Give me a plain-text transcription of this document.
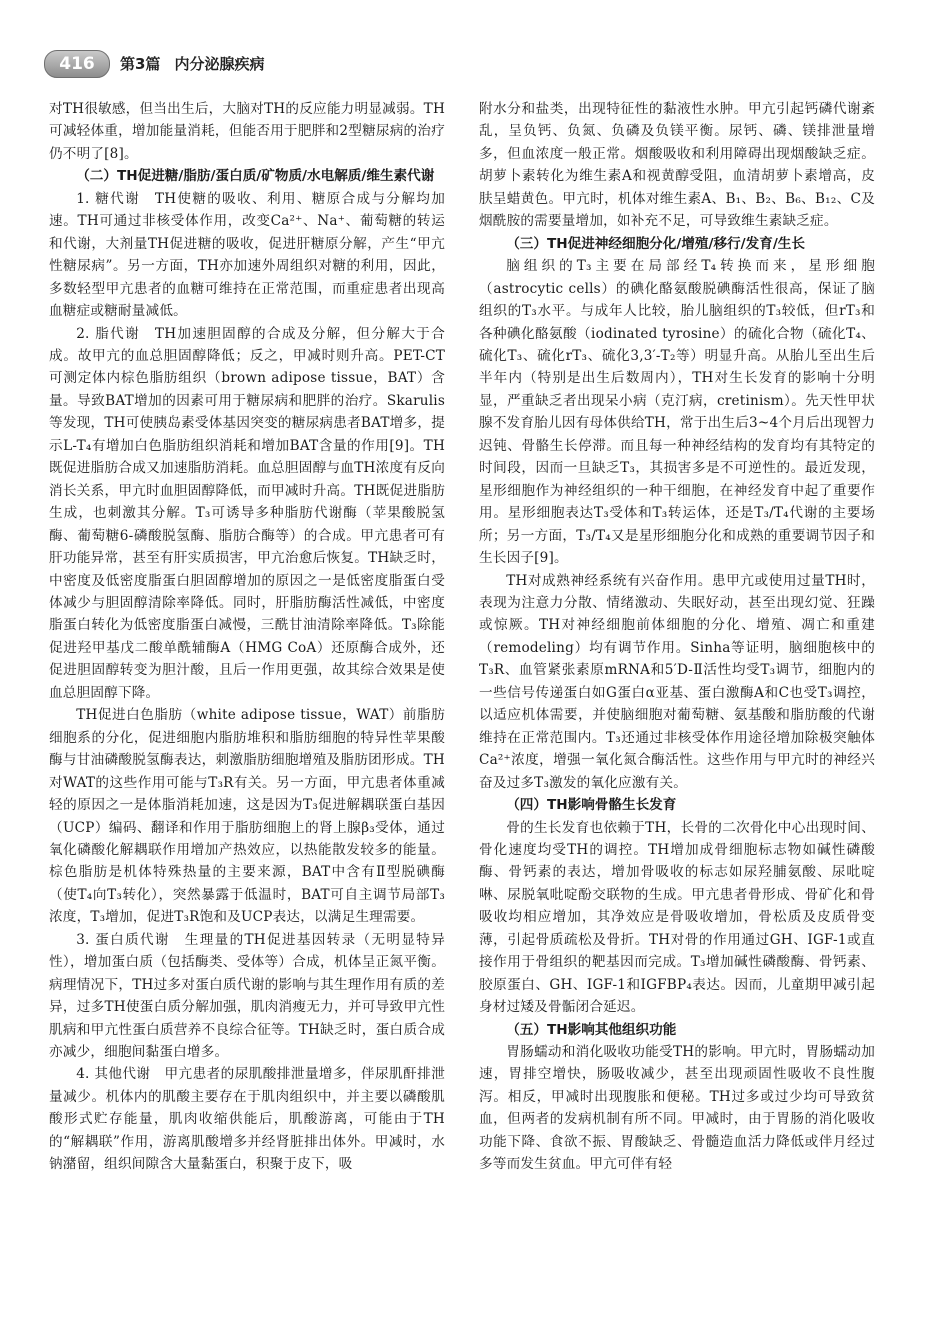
416	第3篇 内分泌腺疾病

对TH很敏感，但当出生后，大脑对TH的反应能力明显减弱。TH可减轻体重，增加能量消耗，但能否用于肥胖和2型糖尿病的治疗仍不明了[8]。

（二）TH促进糖/脂肪/蛋白质/矿物质/水电解质/维生素代谢

1. 糖代谢　TH使糖的吸收、利用、糖原合成与分解均加速。TH可通过非核受体作用，改变Ca²⁺、Na⁺、葡萄糖的转运和代谢，大剂量TH促进糖的吸收，促进肝糖原分解，产生“甲亢性糖尿病”。另一方面，TH亦加速外周组织对糖的利用，因此，多数轻型甲亢患者的血糖可维持在正常范围，而重症患者出现高血糖症或糖耐量减低。

2. 脂代谢　TH加速胆固醇的合成及分解，但分解大于合成。故甲亢的血总胆固醇降低；反之，甲减时则升高。PET-CT可测定体内棕色脂肪组织（brown adipose tissue，BAT）含量。导致BAT增加的因素可用于糖尿病和肥胖的治疗。Skarulis等发现，TH可使胰岛素受体基因突变的糖尿病患者BAT增多，提示L-T₄有增加白色脂肪组织消耗和增加BAT含量的作用[9]。TH既促进脂肪合成又加速脂肪消耗。血总胆固醇与血TH浓度有反向消长关系，甲亢时血胆固醇降低，而甲减时升高。TH既促进脂肪生成，也刺激其分解。T₃可诱导多种脂肪代谢酶（苹果酸脱氢酶、葡萄糖6-磷酸脱氢酶、脂肪合酶等）的合成。甲亢患者可有肝功能异常，甚至有肝实质损害，甲亢治愈后恢复。TH缺乏时，中密度及低密度脂蛋白胆固醇增加的原因之一是低密度脂蛋白受体减少与胆固醇清除率降低。同时，肝脂肪酶活性减低，中密度脂蛋白转化为低密度脂蛋白减慢，三酰甘油清除率降低。T₃除能促进羟甲基戊二酸单酰辅酶A（HMG CoA）还原酶合成外，还促进胆固醇转变为胆汁酸，且后一作用更强，故其综合效果是使血总胆固醇下降。

TH促进白色脂肪（white adipose tissue，WAT）前脂肪细胞系的分化，促进细胞内脂肪堆积和脂肪细胞的特异性苹果酸酶与甘油磷酸脱氢酶表达，刺激脂肪细胞增殖及脂肪团形成。TH对WAT的这些作用可能与T₃R有关。另一方面，甲亢患者体重减轻的原因之一是体脂消耗加速，这是因为T₃促进解耦联蛋白基因（UCP）编码、翻译和作用于脂肪细胞上的肾上腺β₃受体，通过氧化磷酸化解耦联作用增加产热效应，以热能散发较多的能量。棕色脂肪是机体特殊热量的主要来源，BAT中含有Ⅱ型脱碘酶（使T₄向T₃转化），突然暴露于低温时，BAT可自主调节局部T₃浓度，T₃增加，促进T₃R饱和及UCP表达，以满足生理需要。

3. 蛋白质代谢　生理量的TH促进基因转录（无明显特异性），增加蛋白质（包括酶类、受体等）合成，机体呈正氮平衡。病理情况下，TH过多对蛋白质代谢的影响与其生理作用有质的差异，过多TH使蛋白质分解加强，肌肉消瘦无力，并可导致甲亢性肌病和甲亢性蛋白质营养不良综合征等。TH缺乏时，蛋白质合成亦减少，细胞间黏蛋白增多。

4. 其他代谢　甲亢患者的尿肌酸排泄量增多，伴尿肌酐排泄量减少。机体内的肌酸主要存在于肌肉组织中，并主要以磷酸肌酸形式贮存能量，肌肉收缩供能后，肌酸游离，可能由于TH的“解耦联”作用，游离肌酸增多并经肾脏排出体外。甲减时，水钠潴留，组织间隙含大量黏蛋白，积聚于皮下，吸

附水分和盐类，出现特征性的黏液性水肿。甲亢引起钙磷代谢紊乱，呈负钙、负氮、负磷及负镁平衡。尿钙、磷、镁排泄量增多，但血浓度一般正常。烟酸吸收和利用障碍出现烟酸缺乏症。胡萝卜素转化为维生素A和视黄醇受阻，血清胡萝卜素增高，皮肤呈蜡黄色。甲亢时，机体对维生素A、B₁、B₂、B₆、B₁₂、C及烟酰胺的需要量增加，如补充不足，可导致维生素缺乏症。

（三）TH促进神经细胞分化/增殖/移行/发育/生长

脑组织的T₃主要在局部经T₄转换而来，星形细胞（astrocytic cells）的碘化酪氨酸脱碘酶活性很高，保证了脑组织的T₃水平。与成年人比较，胎儿脑组织的T₃较低，但rT₃和各种碘化酪氨酸（iodinated tyrosine）的硫化合物（硫化T₄、硫化T₃、硫化rT₃、硫化3,3′-T₂等）明显升高。从胎儿至出生后半年内（特别是出生后数周内），TH对生长发育的影响十分明显，严重缺乏者出现呆小病（克汀病，cretinism）。先天性甲状腺不发育胎儿因有母体供给TH，常于出生后3~4个月后出现智力迟钝、骨骼生长停滞。而且每一种神经结构的发育均有其特定的时间段，因而一旦缺乏T₃，其损害多是不可逆性的。最近发现，星形细胞作为神经组织的一种干细胞，在神经发育中起了重要作用。星形细胞表达T₃受体和T₃转运体，还是T₃/T₄代谢的主要场所；另一方面，T₃/T₄又是星形细胞分化和成熟的重要调节因子和生长因子[9]。

TH对成熟神经系统有兴奋作用。患甲亢或使用过量TH时，表现为注意力分散、情绪激动、失眠好动，甚至出现幻觉、狂躁或惊厥。TH对神经细胞前体细胞的分化、增殖、凋亡和重建（remodeling）均有调节作用。Sinha等证明，脑细胞核中的T₃R、血管紧张素原mRNA和5′D-Ⅱ活性均受T₃调节，细胞内的一些信号传递蛋白如G蛋白α亚基、蛋白激酶A和C也受T₃调控，以适应机体需要，并使脑细胞对葡萄糖、氨基酸和脂肪酸的代谢维持在正常范围内。T₃还通过非核受体作用途径增加除极突触体Ca²⁺浓度，增强一氧化氮合酶活性。这些作用与甲亢时的神经兴奋及过多T₃激发的氧化应激有关。

（四）TH影响骨骼生长发育

骨的生长发育也依赖于TH，长骨的二次骨化中心出现时间、骨化速度均受TH的调控。TH增加成骨细胞标志物如碱性磷酸酶、骨钙素的表达，增加骨吸收的标志如尿羟脯氨酸、尿吡啶啉、尿脱氧吡啶酚交联物的生成。甲亢患者骨形成、骨矿化和骨吸收均相应增加，其净效应是骨吸收增加，骨松质及皮质骨变薄，引起骨质疏松及骨折。TH对骨的作用通过GH、IGF-1或直接作用于骨组织的靶基因而完成。T₃增加碱性磷酸酶、骨钙素、胶原蛋白、GH、IGF-1和IGFBP₄表达。因而，儿童期甲减引起身材过矮及骨骺闭合延迟。

（五）TH影响其他组织功能

胃肠蠕动和消化吸收功能受TH的影响。甲亢时，胃肠蠕动加速，胃排空增快，肠吸收减少，甚至出现顽固性吸收不良性腹泻。相反，甲减时出现腹胀和便秘。TH过多或过少均可导致贫血，但两者的发病机制有所不同。甲减时，由于胃肠的消化吸收功能下降、食欲不振、胃酸缺乏、骨髓造血活力降低或伴月经过多等而发生贫血。甲亢可伴有轻
